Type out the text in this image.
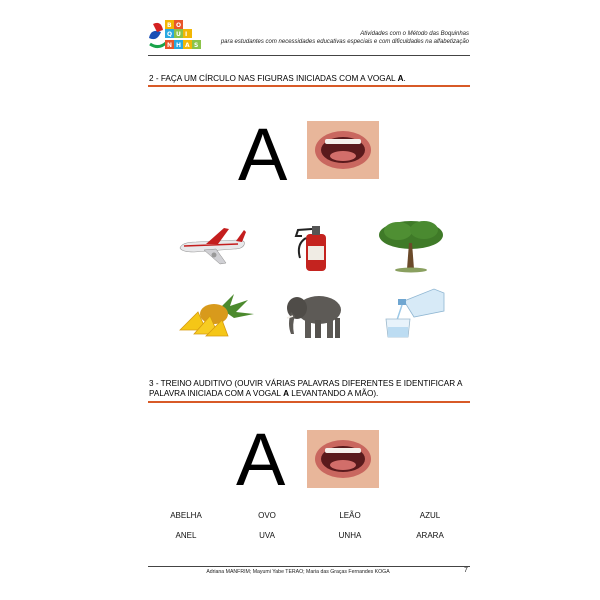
B O
Q U I
N H A S
Atividades com o Método das Boquinhas
para estudantes com necessidades educativas especiais e com dificuldades na alfabetização
2 - FAÇA UM CÍRCULO NAS FIGURAS INICIADAS COM A VOGAL A.
A
3 - TREINO AUDITIVO (OUVIR VÁRIAS PALAVRAS DIFERENTES E IDENTIFICAR A PALAVRA INICIADA COM A VOGAL A LEVANTANDO A MÃO).
A
ABELHA	OVO	LEÃO	AZUL
ANEL	UVA	UNHA	ARARA
Adriana MANFRIM; Mayumi Yabe TERAO; Maria das Graças Fernandes KOGA	7
